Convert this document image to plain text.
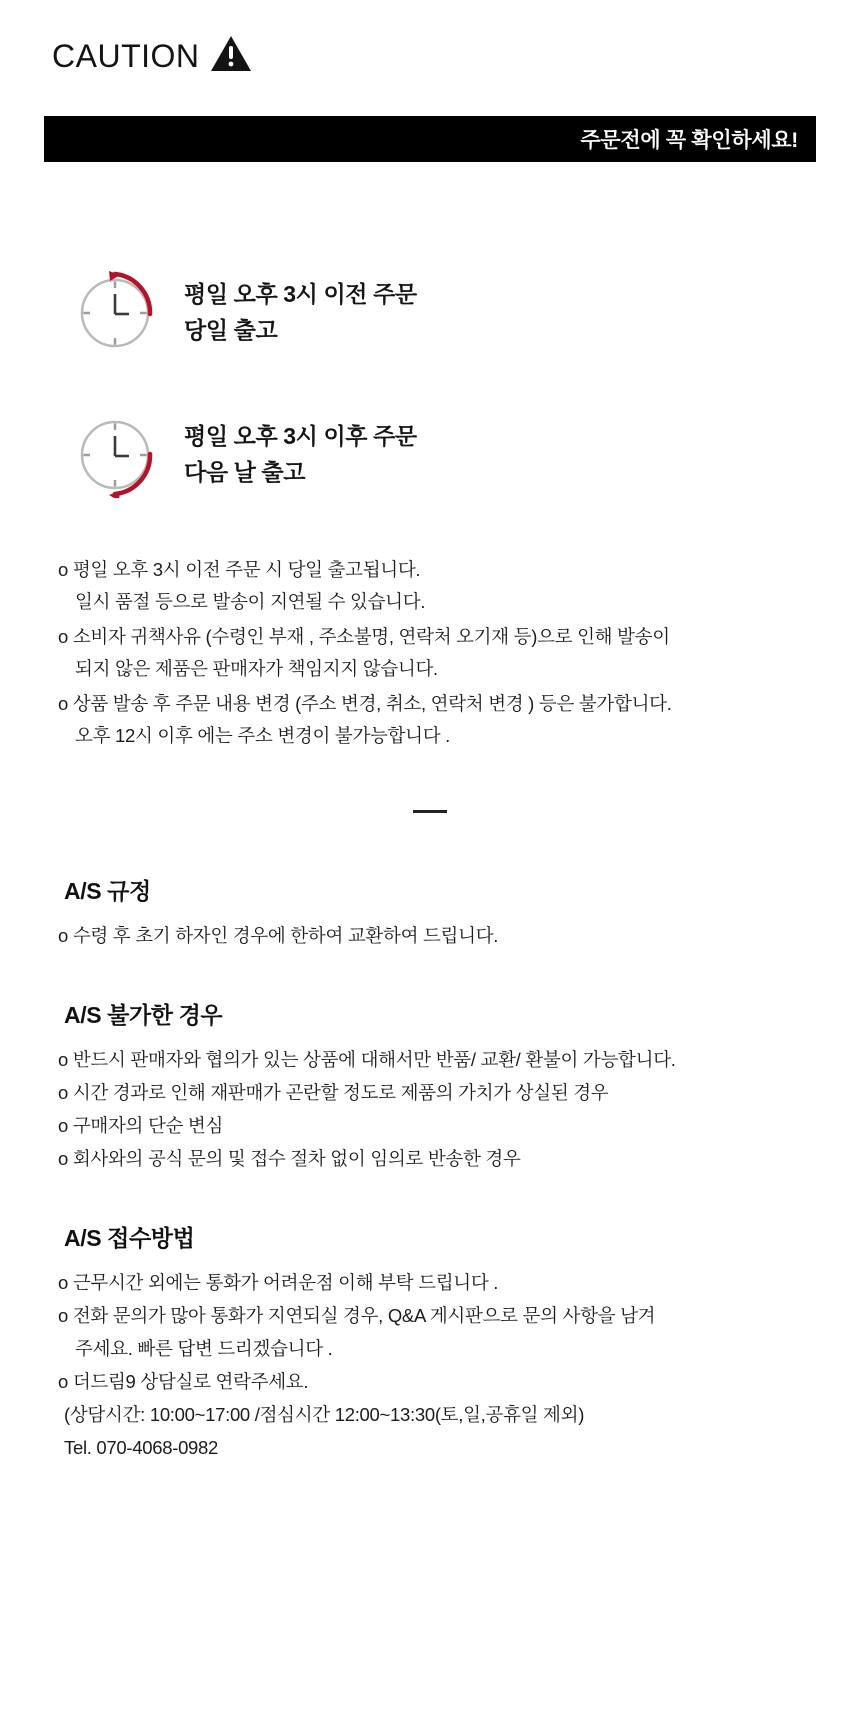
CAUTION
주문전에 꼭 확인하세요!
평일 오후 3시 이전 주문
당일 출고
평일 오후 3시 이후 주문
다음 날 출고
o 평일 오후 3시 이전 주문 시 당일 출고됩니다.
일시 품절 등으로 발송이 지연될 수 있습니다.
o 소비자 귀책사유 (수령인 부재 , 주소불명, 연락처 오기재 등)으로 인해 발송이
되지 않은 제품은 판매자가 책임지지 않습니다.
o 상품 발송 후 주문 내용 변경 (주소 변경, 취소, 연락처 변경 ) 등은 불가합니다.
오후 12시 이후 에는 주소 변경이 불가능합니다 .
A/S 규정
o 수령 후 초기 하자인 경우에 한하여 교환하여 드립니다.
A/S 불가한 경우
o 반드시 판매자와 협의가 있는 상품에 대해서만 반품/ 교환/ 환불이 가능합니다.
o 시간 경과로 인해 재판매가 곤란할 정도로 제품의 가치가 상실된 경우
o 구매자의 단순 변심
o 회사와의 공식 문의 및 접수 절차 없이 임의로 반송한 경우
A/S 접수방법
o 근무시간 외에는 통화가 어려운점 이해 부탁 드립니다 .
o 전화 문의가 많아 통화가 지연되실 경우, Q&A 게시판으로 문의 사항을 남겨
주세요. 빠른 답변 드리겠습니다 .
o 더드림9 상담실로 연락주세요.
(상담시간: 10:00~17:00 /점심시간 12:00~13:30(토,일,공휴일 제외)
Tel. 070-4068-0982
